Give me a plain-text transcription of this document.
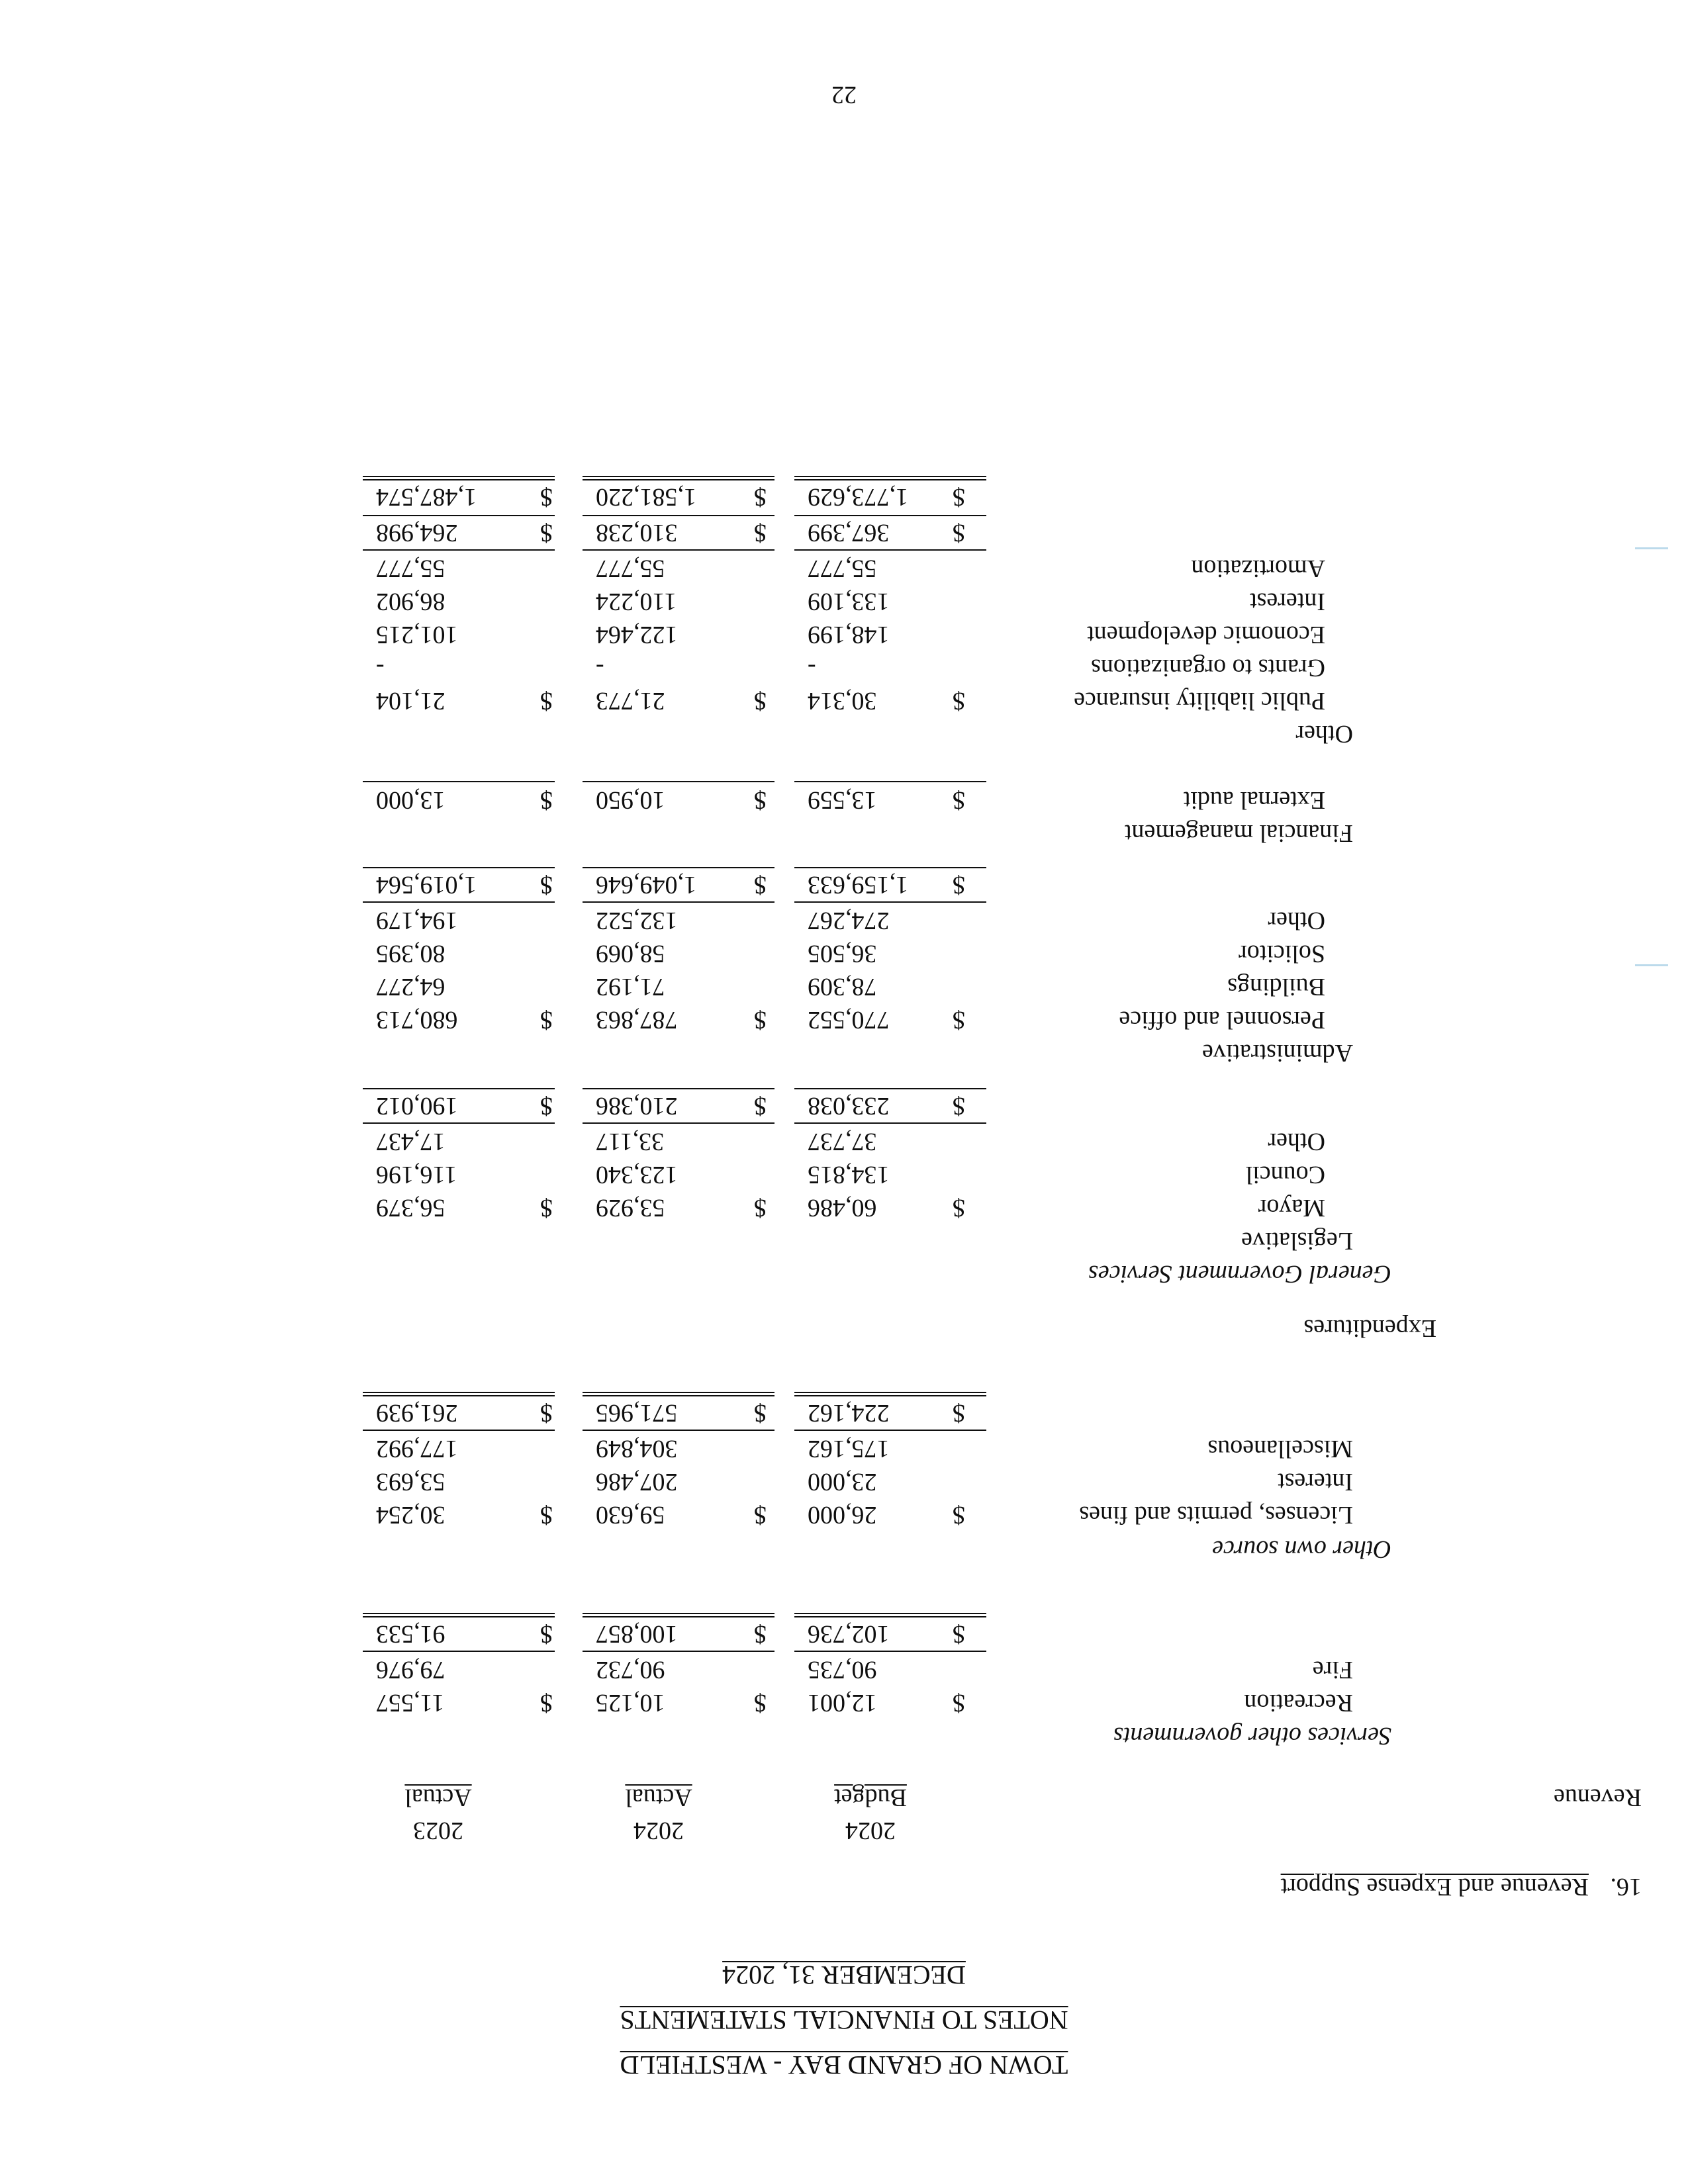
TOWN OF GRAND BAY - WESTFIELD
NOTES TO FINANCIAL STATEMENTS
DECEMBER 31, 2024
16.
Revenue and Expense Support
2024
2024
2023
Budget
Actual
Actual	Revenue
Services other governments
Recreation
$
12,001
$
10,125
$
11,557
Fire
90,735
90,732
79,976
$
102,736
$
100,857
$
91,533
Other own source
Licenses, permits and fines
$
26,000
$
59,630
$
30,254
Interest
23,000
207,486
53,693
Miscellaneous
175,162
304,849
177,992
$
224,162
$
571,965
$
261,939
Expenditures
General Government Services
Legislative
Mayor
$
60,486
$
53,929
$
56,379
Council
134,815
123,340
116,196
Other
37,737
33,117
17,437
$
233,038
$
210,386
$
190,012
Administrative
Personnel and office
$
770,552
$
787,863
$
680,713
Buildings
78,309
71,192
64,277
Solicitor
36,505
58,069
80,395
Other
274,267
132,522
194,179
$
1,159,633
$
1,049,646
$
1,019,564
Financial management
External audit
$
13,559
$
10,950
$
13,000
Other
Public liability insurance
$
30,314
$
21,773
$
21,104
Grants to organizations
-
-
-
Economic development
148,199
122,464
101,215
Interest
133,109
110,224
86,902
Amortization
55,777
55,777
55,777
$
367,399
$
310,238
$
264,998
$
1,773,629
$
1,581,220
$
1,487,574
22
